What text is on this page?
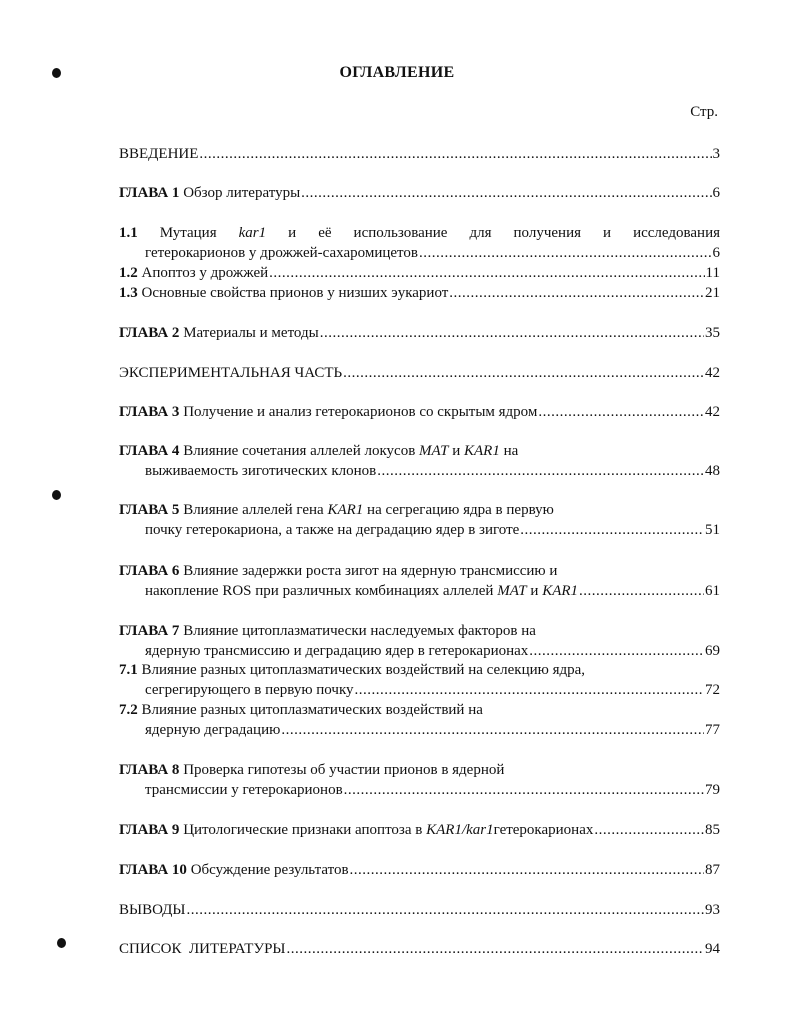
ОГЛАВЛЕНИЕ
Стр.
ВВЕДЕНИЕ .....	3
ГЛАВА 1 Обзор литературы .....	6
1.1 Мутация kar1 и её использование для получения и исследования
гетерокарионов у дрожжей-сахаромицетов .....	6
1.2 Апоптоз у дрожжей .....	11
1.3 Основные свойства прионов у низших эукариот .....	21
ГЛАВА 2 Материалы и методы .....	35
ЭКСПЕРИМЕНТАЛЬНАЯ ЧАСТЬ .....	42
ГЛАВА 3 Получение и анализ гетерокарионов со скрытым ядром .....	42
ГЛАВА 4 Влияние сочетания аллелей локусов MAT и KAR1 на
выживаемость зиготических клонов .....	48
ГЛАВА 5 Влияние аллелей гена KAR1 на сегрегацию ядра в первую
почку гетерокариона, а также на деградацию ядер в зиготе .....	51
ГЛАВА 6 Влияние задержки роста зигот на ядерную трансмиссию и
накопление ROS при различных комбинациях аллелей MAT и KAR1 .....	61
ГЛАВА 7 Влияние цитоплазматически наследуемых факторов на
ядерную трансмиссию и деградацию ядер в гетерокарионах .....	69
7.1 Влияние разных цитоплазматических воздействий на селекцию ядра,
сегрегирующего в первую почку .....	72
7.2 Влияние разных цитоплазматических воздействий на
ядерную деградацию .....	77
ГЛАВА 8 Проверка гипотезы об участии прионов в ядерной
трансмиссии у гетерокарионов .....	79
ГЛАВА 9 Цитологические признаки апоптоза в KAR1/kar1гетерокарионах .....	85
ГЛАВА 10 Обсуждение результатов .....	87
ВЫВОДЫ .....	93
СПИСОК  ЛИТЕРАТУРЫ .....	94
